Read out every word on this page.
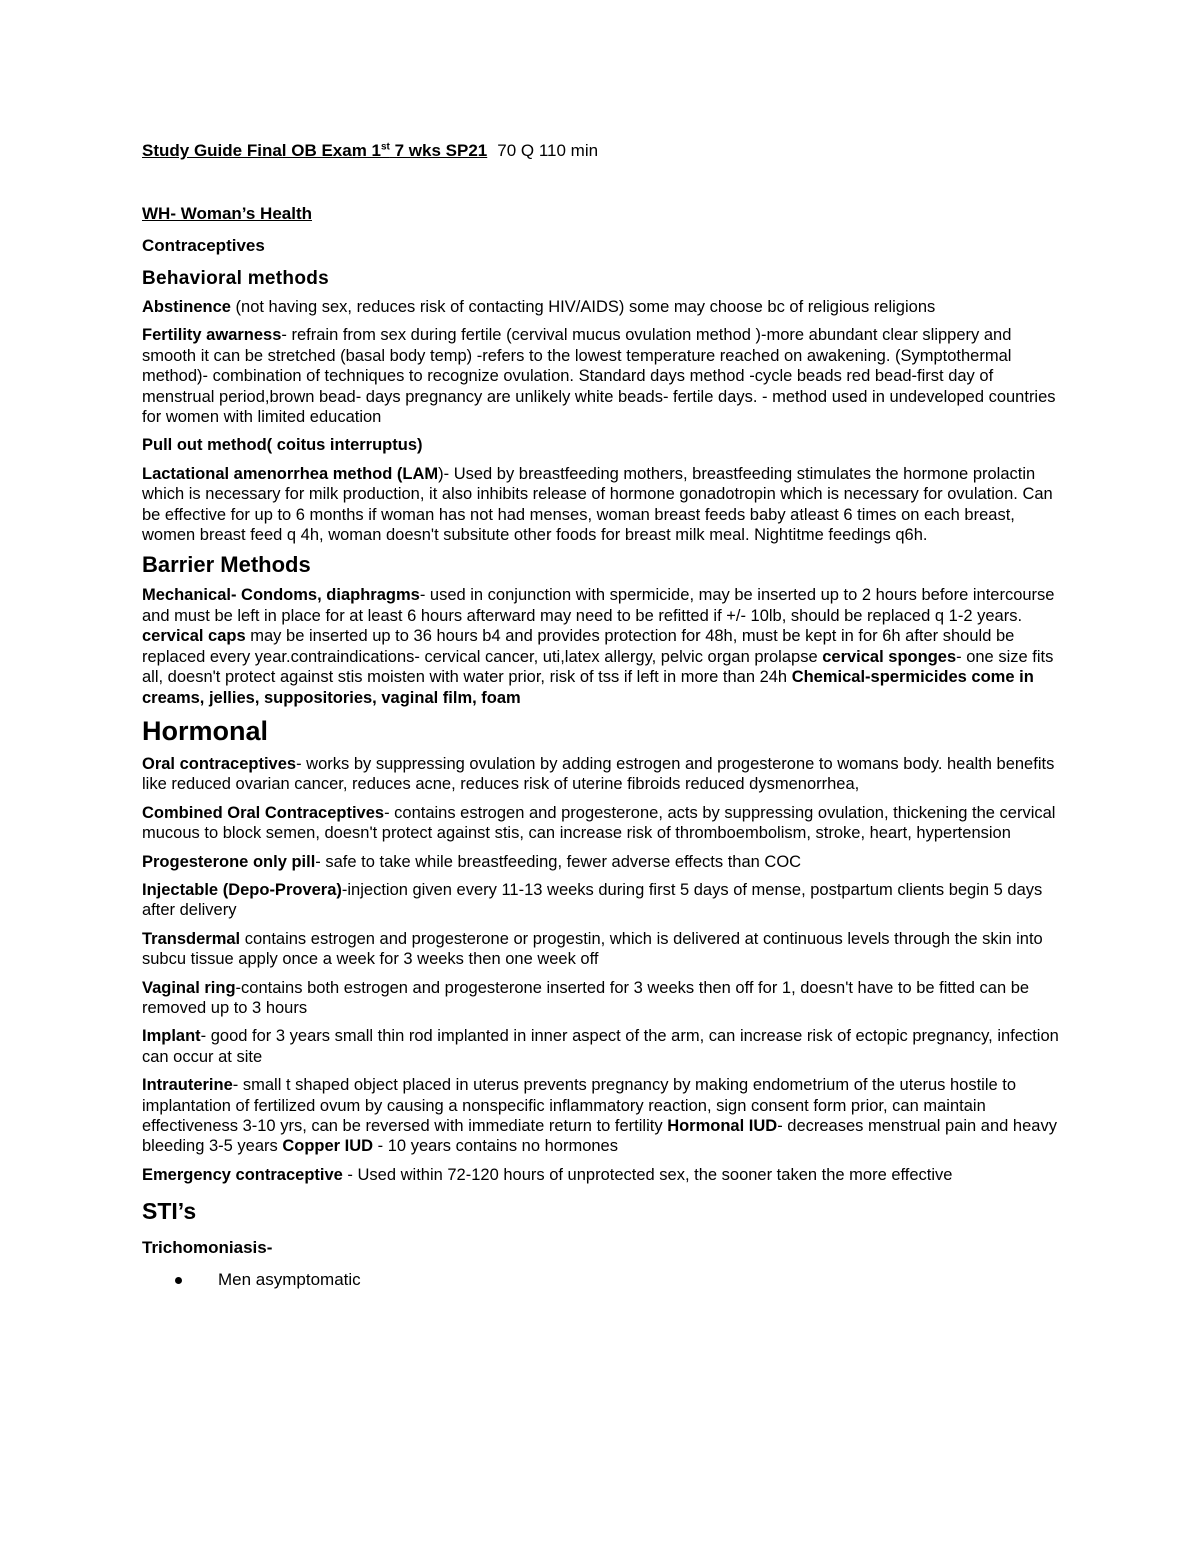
Study Guide Final OB Exam 1st 7 wks SP21 70 Q 110 min
WH- Woman’s Health
Contraceptives
Behavioral methods

Abstinence (not having sex, reduces risk of contacting HIV/AIDS) some may choose bc of religious religions

Fertility awarness- refrain from sex during fertile (cervival mucus ovulation method )-more abundant clear slippery and smooth it can be stretched (basal body temp) -refers to the lowest temperature reached on awakening. (Symptothermal method)- combination of techniques to recognize ovulation. Standard days method -cycle beads red bead-first day of menstrual period,brown bead- days pregnancy are unlikely white beads- fertile days. - method used in undeveloped countries for women with limited education

Pull out method( coitus interruptus)

Lactational amenorrhea method (LAM)- Used by breastfeeding mothers, breastfeeding stimulates the hormone prolactin which is necessary for milk production, it also inhibits release of hormone gonadotropin which is necessary for ovulation. Can be effective for up to 6 months if woman has not had menses, woman breast feeds baby atleast 6 times on each breast, women breast feed q 4h, woman doesn't subsitute other foods for breast milk meal. Nightitme feedings q6h.

Barrier Methods

Mechanical- Condoms, diaphragms- used in conjunction with spermicide, may be inserted up to 2 hours before intercourse and must be left in place for at least 6 hours afterward may need to be refitted if +/- 10lb, should be replaced q 1-2 years. cervical caps may be inserted up to 36 hours b4 and provides protection for 48h, must be kept in for 6h after should be replaced every year.contraindications- cervical cancer, uti,latex allergy, pelvic organ prolapse cervical sponges- one size fits all, doesn't protect against stis moisten with water prior, risk of tss if left in more than 24h Chemical-spermicides come in creams, jellies, suppositories, vaginal film, foam

Hormonal

Oral contraceptives- works by suppressing ovulation by adding estrogen and progesterone to womans body. health benefits like reduced ovarian cancer, reduces acne, reduces risk of uterine fibroids reduced dysmenorrhea,

Combined Oral Contraceptives- contains estrogen and progesterone, acts by suppressing ovulation, thickening the cervical mucous to block semen, doesn't protect against stis, can increase risk of thromboembolism, stroke, heart, hypertension

Progesterone only pill- safe to take while breastfeeding, fewer adverse effects than COC

Injectable (Depo-Provera)-injection given every 11-13 weeks during first 5 days of mense, postpartum clients begin 5 days after delivery

Transdermal contains estrogen and progesterone or progestin, which is delivered at continuous levels through the skin into subcu tissue apply once a week for 3 weeks then one week off

Vaginal ring-contains both estrogen and progesterone inserted for 3 weeks then off for 1, doesn't have to be fitted can be removed up to 3 hours

Implant- good for 3 years small thin rod implanted in inner aspect of the arm, can increase risk of ectopic pregnancy, infection can occur at site

Intrauterine- small t shaped object placed in uterus prevents pregnancy by making endometrium of the uterus hostile to implantation of fertilized ovum by causing a nonspecific inflammatory reaction, sign consent form prior, can maintain effectiveness 3-10 yrs, can be reversed with immediate return to fertility Hormonal IUD- decreases menstrual pain and heavy bleeding 3-5 years Copper IUD - 10 years contains no hormones

Emergency contraceptive - Used within 72-120 hours of unprotected sex, the sooner taken the more effective

STI’s
Trichomoniasis-
Men asymptomatic
